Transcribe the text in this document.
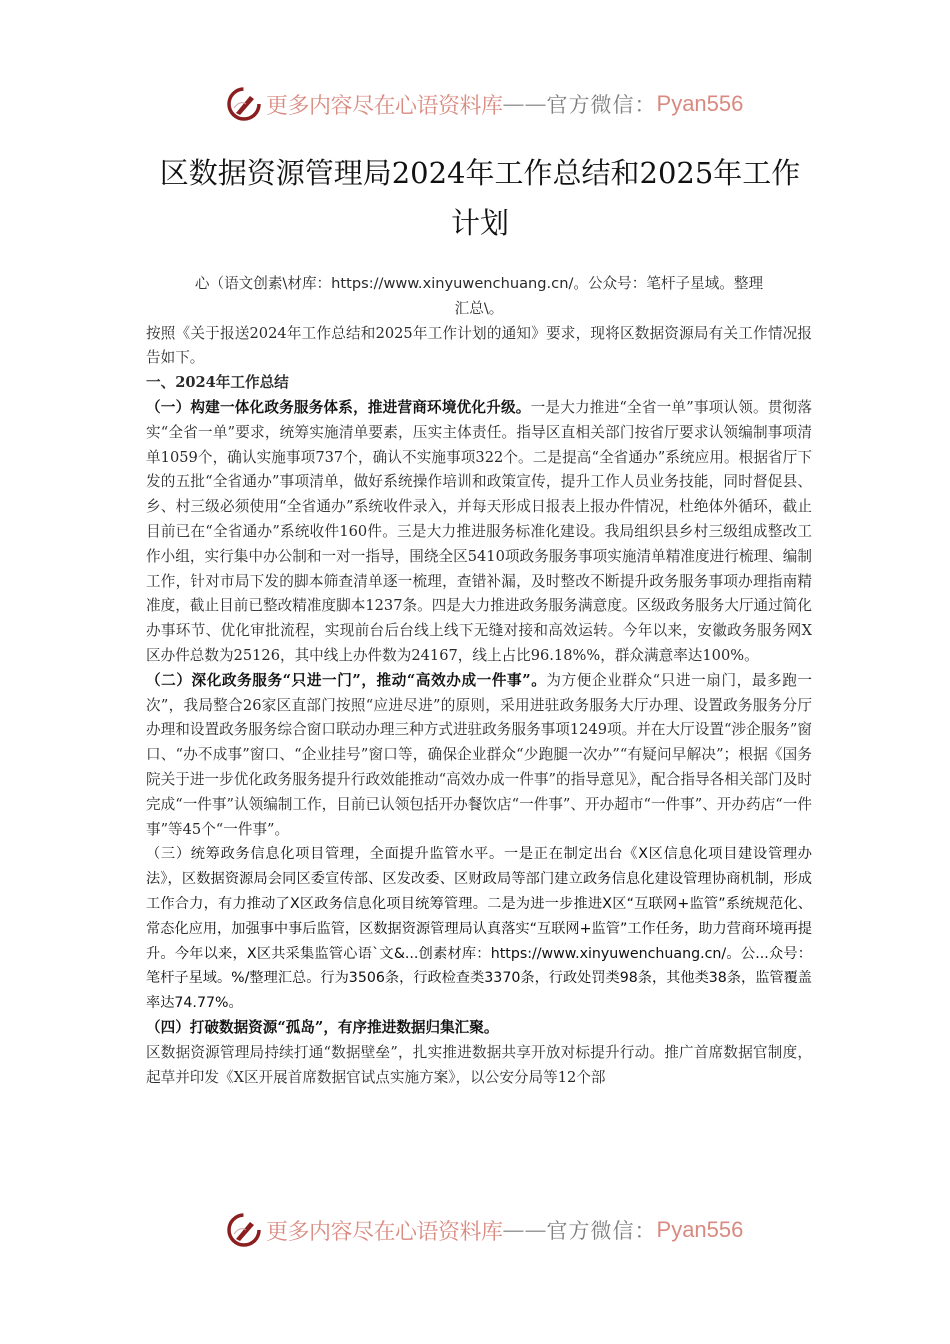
更多内容尽在心语资料库 —— 官方微信： Pyan556
区数据资源管理局2024年工作总结和2025年工作
计划
心（语文创素\材库：https://www.xinyuwenchuang.cn/。公众号：笔杆子星域。整理
汇总\。

按照《关于报送2024年工作总结和2025年工作计划的通知》要求，现将区数据资源局有关工作情况报告如下。

一、2024年工作总结

（一）构建一体化政务服务体系，推进营商环境优化升级。一是大力推进“全省一单”事项认领。贯彻落实“全省一单”要求，统筹实施清单要素，压实主体责任。指导区直相关部门按省厅要求认领编制事项清单1059个，确认实施事项737个，确认不实施事项322个。二是提高“全省通办”系统应用。根据省厅下发的五批“全省通办”事项清单，做好系统操作培训和政策宣传，提升工作人员业务技能，同时督促县、乡、村三级必须使用“全省通办”系统收件录入，并每天形成日报表上报办件情况，杜绝体外循环，截止目前已在“全省通办”系统收件160件。三是大力推进服务标准化建设。我局组织县乡村三级组成整改工作小组，实行集中办公制和一对一指导，围绕全区5410项政务服务事项实施清单精准度进行梳理、编制工作，针对市局下发的脚本筛查清单逐一梳理，查错补漏，及时整改不断提升政务服务事项办理指南精准度，截止目前已整改精准度脚本1237条。四是大力推进政务服务满意度。区级政务服务大厅通过简化办事环节、优化审批流程，实现前台后台线上线下无缝对接和高效运转。今年以来，安徽政务服务网X区办件总数为25126，其中线上办件数为24167，线上占比96.18%%，群众满意率达100%。

（二）深化政务服务“只进一门”，推动“高效办成一件事”。为方便企业群众“只进一扇门，最多跑一次”，我局整合26家区直部门按照“应进尽进”的原则，采用进驻政务服务大厅办理、设置政务服务分厅办理和设置政务服务综合窗口联动办理三种方式进驻政务服务事项1249项。并在大厅设置“涉企服务”窗口、“办不成事”窗口、“企业挂号”窗口等，确保企业群众“少跑腿一次办”“有疑问早解决”；根据《国务院关于进一步优化政务服务提升行政效能推动“高效办成一件事”的指导意见》，配合指导各相关部门及时完成“一件事”认领编制工作，目前已认领包括开办餐饮店“一件事”、开办超市“一件事”、开办药店“一件事”等45个“一件事”。

（三）统筹政务信息化项目管理，全面提升监管水平。一是正在制定出台《X区信息化项目建设管理办法》，区数据资源局会同区委宣传部、区发改委、区财政局等部门建立政务信息化建设管理协商机制，形成工作合力，有力推动了X区政务信息化项目统筹管理。二是为进一步推进X区“互联网+监管”系统规范化、常态化应用，加强事中事后监管，区数据资源管理局认真落实“互联网+监管”工作任务，助力营商环境再提升。今年以来，X区共采集监管心语`文&...创素材库：https://www.xinyuwenchuang.cn/。公...众号：笔杆子星域。%/整理汇总。行为3506条，行政检查类3370条，行政处罚类98条，其他类38条，监管覆盖率达74.77%。

（四）打破数据资源“孤岛”，有序推进数据归集汇聚。

区数据资源管理局持续打通“数据壁垒”，扎实推进数据共享开放对标提升行动。推广首席数据官制度，起草并印发《X区开展首席数据官试点实施方案》，以公安分局等12个部

更多内容尽在心语资料库 —— 官方微信： Pyan556
